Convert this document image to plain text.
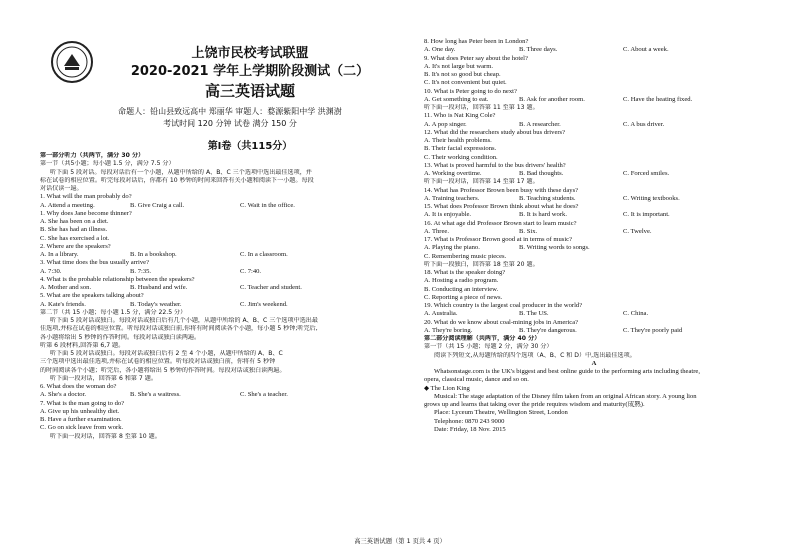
上饶市民校考试联盟
2020-2021 学年上学期阶段测试（二）
高三英语试题
命题人：铅山县致远高中 郑丽华 审题人：婺源紫阳中学 洪渊澍
考试时间 120 分钟 试卷 满分 150 分
第Ⅰ卷（共115分）
第一部分听力（共两节，满分 30 分）
第一节（共5小题；每小题 1.5 分，满分 7.5 分）
听下面 5 段对话。每段对话后有一个小题，从题中所给的 A、B、C 三个选项中选出最佳选项，并
标在试卷的相应位置。听完每段对话后，你都有 10 秒钟的时间来回答有关小题和阅读下一小题。每段
对话仅读一遍。
1. What will the man probably do?
A. Attend a meeting.	B. Give Craig a call.	C. Wait in the office.
1. Why does Jane become thinner?
A. She has been on a diet.
B. She has had an illness.
C. She has exercised a lot.
2. Where are the speakers?
A. In a library.	B. In a bookshop.	C. In a classroom.
3. What time does the bus usually arrive?
A. 7:30.	B. 7:35.	C. 7:40.
4. What is the probable relationship between the speakers?
A. Mother and son.	B. Husband and wife.	C. Teacher and student.
5. What are the speakers talking about?
A. Kate's friends.	B. Today's weather.	C. Jim's weekend.
第二节（共 15 小题；每小题 1.5 分，满分 22.5 分）
听下面 5 段对话或独白。每段对话或独白后有几个小题，从题中所给的 A、B、C 三个选项中选出最
佳选项,并标在试卷的相应位置。听每段对话或独白前,你将有时间阅读各个小题，每小题 5 秒钟;听完后,
各小题将给出 5 秒钟的作答时间。每段对话或独白读两遍。
听第 6 段材料,回答第 6,7 题。
听下面 5 段对话或独白。每段对话或独白后有 2 至 4 个小题，从题中所给的 A、B、C
三个选项中选出最佳选项,并标在试卷的相应位置。听每段对话或独白前，你将有 5 秒钟
的时间阅读各个小题；听完后，各小题将给出 5 秒钟的作答时间。每段对话或独白读两遍。
听下面一段对话，回答第 6 和第 7 题。
6. What does the woman do?
A. She's a doctor.	B. She's a waitress.	C. She's a teacher.
7. What is the man going to do?
A. Give up his unhealthy diet.
B. Have a further examination.
C. Go on sick leave from work.
听下面一段对话，回答第 8 至第 10 题。
8. How long has Peter been in London?
A. One day.	B. Three days.	C. About a week.
9. What does Peter say about the hotel?
A. It's not large but warm.
B. It's not so good but cheap.
C. It's not convenient but quiet.
10. What is Peter going to do next?
A. Get something to eat.	B. Ask for another room.	C. Have the heating fixed.
听下面一段对话，回答第 11 至第 13 题。
11. Who is Nat King Cole?
A. A pop singer.	B. A researcher.	C. A bus driver.
12. What did the researchers study about bus drivers?
A. Their health problems.
B. Their facial expressions.
C. Their working condition.
13. What is proved harmful to the bus drivers' health?
A. Working overtime.	B. Bad thoughts.	C. Forced smiles.
听下面一段对话，回答第 14 至第 17 题。
14. What has Professor Brown been busy with these days?
A. Training teachers.	B. Teaching students.	C. Writing textbooks.
15. What does Professor Brown think about what he does?
A. It is enjoyable.	B. It is hard work.	C. It is important.
16. At what age did Professor Brown start to learn music?
A. Three.	B. Six.	C. Twelve.
17. What is Professor Brown good at in terms of music?
A. Playing the piano.	B. Writing words to songs.
C. Remembering music pieces.
听下面一段独白，回答第 18 至第 20 题。
18. What is the speaker doing?
A. Hosting a radio program.
B. Conducting an interview.
C. Reporting a piece of news.
19. Which country is the largest coal producer in the world?
A. Australia.	B. The US.	C. China.
20. What do we know about coal-mining jobs in America?
A. They're boring.	B. They're dangerous.	C. They're poorly paid
第二部分阅读理解（共两节，满分 40 分）
第一节（共 15 小题；每题 2 分，满分 30 分）
阅读下列短文,从每题所给的四个选项（A、B、C 和 D）中,选出最佳选项。
A
Whatsonstage.com is the UK's biggest and best online guide to the performing arts including theatre,
opera, classical music, dance and so on.
◆ The Lion King
Musical: The stage adaptation of the Disney film taken from an original African story. A young lion
grows up and learns that taking over the pride requires wisdom and maturity(成熟).
Place: Lyceum Theatre, Wellington Street, London
Telephone: 0870 243 9000
Date: Friday, 18 Nov. 2015
高三英语试题（第 1 页共 4 页）
